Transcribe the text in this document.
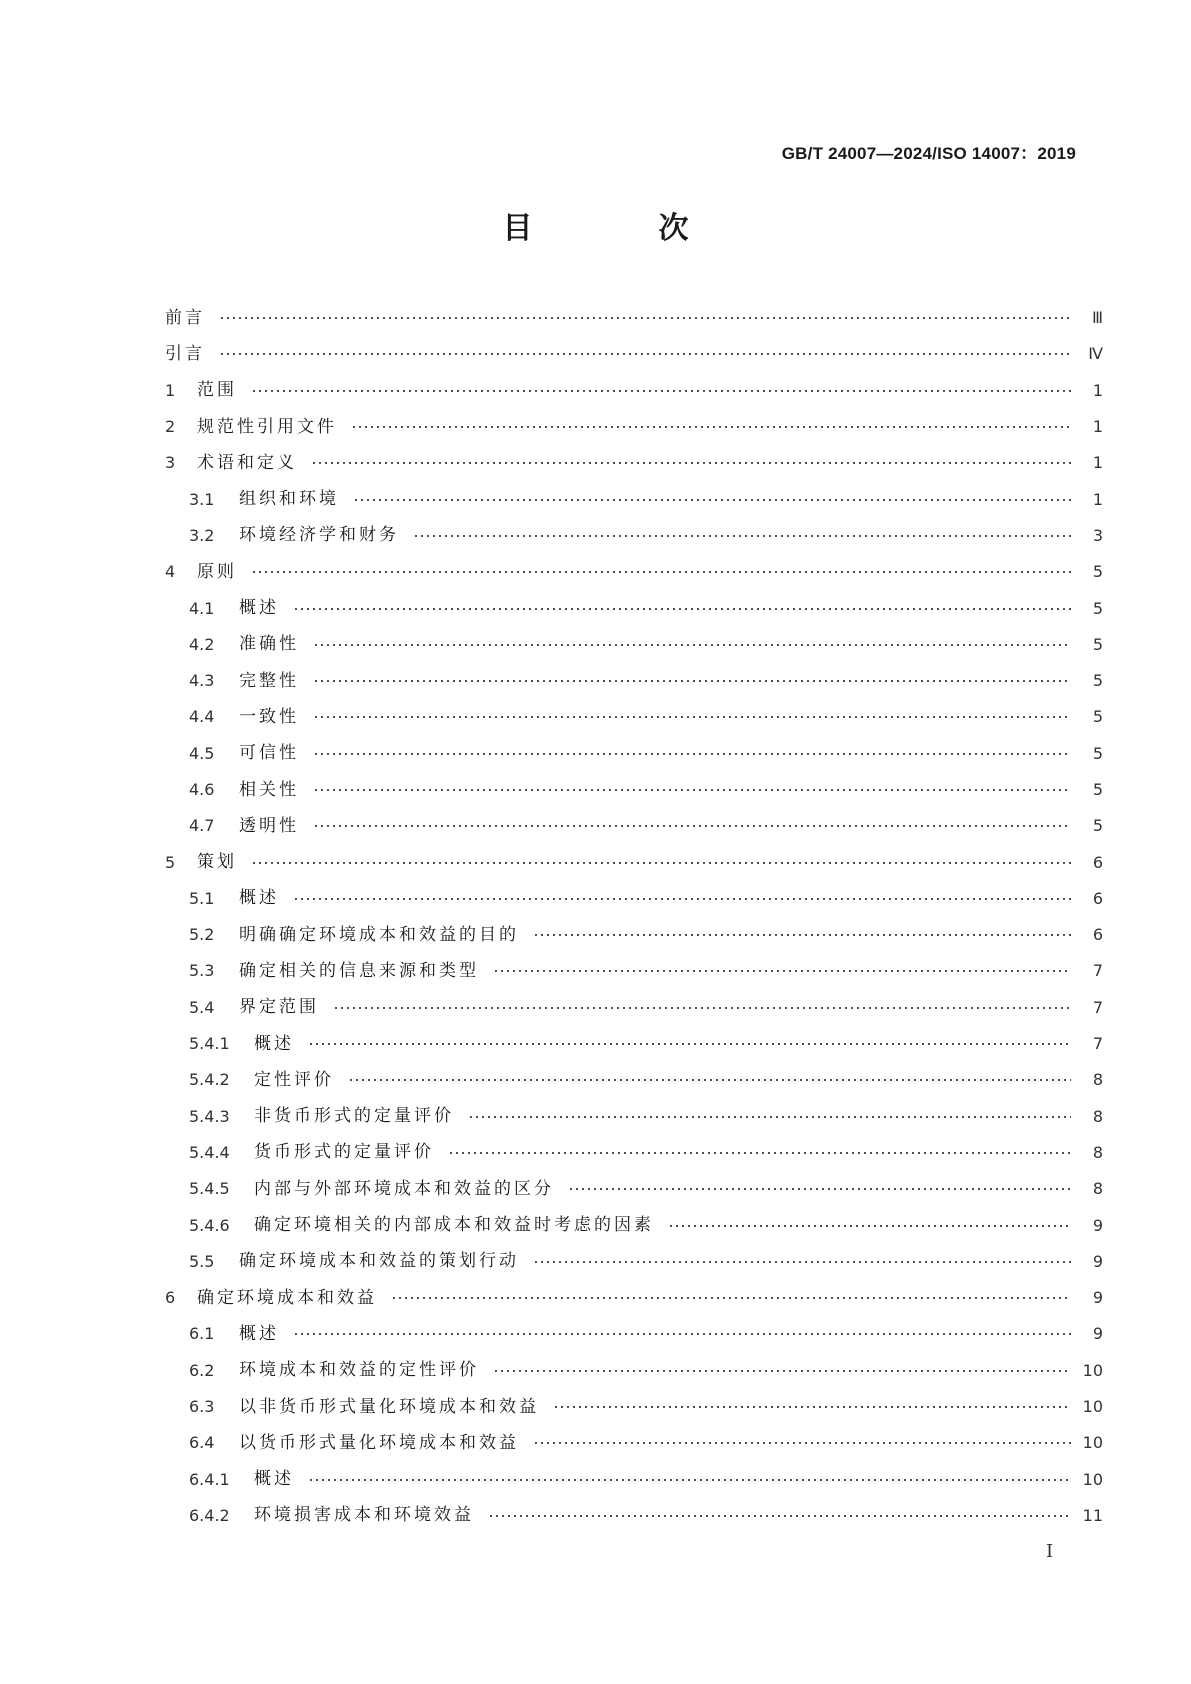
GB/T 24007—2024/ISO 14007：2019
目　次
前言	Ⅲ
引言	Ⅳ
1	范围	1
2	规范性引用文件	1
3	术语和定义	1
3.1	组织和环境	1
3.2	环境经济学和财务	3
4	原则	5
4.1	概述	5
4.2	准确性	5
4.3	完整性	5
4.4	一致性	5
4.5	可信性	5
4.6	相关性	5
4.7	透明性	5
5	策划	6
5.1	概述	6
5.2	明确确定环境成本和效益的目的	6
5.3	确定相关的信息来源和类型	7
5.4	界定范围	7
5.4.1	概述	7
5.4.2	定性评价	8
5.4.3	非货币形式的定量评价	8
5.4.4	货币形式的定量评价	8
5.4.5	内部与外部环境成本和效益的区分	8
5.4.6	确定环境相关的内部成本和效益时考虑的因素	9
5.5	确定环境成本和效益的策划行动	9
6	确定环境成本和效益	9
6.1	概述	9
6.2	环境成本和效益的定性评价	10
6.3	以非货币形式量化环境成本和效益	10
6.4	以货币形式量化环境成本和效益	10
6.4.1	概述	10
6.4.2	环境损害成本和环境效益	11
Ⅰ
